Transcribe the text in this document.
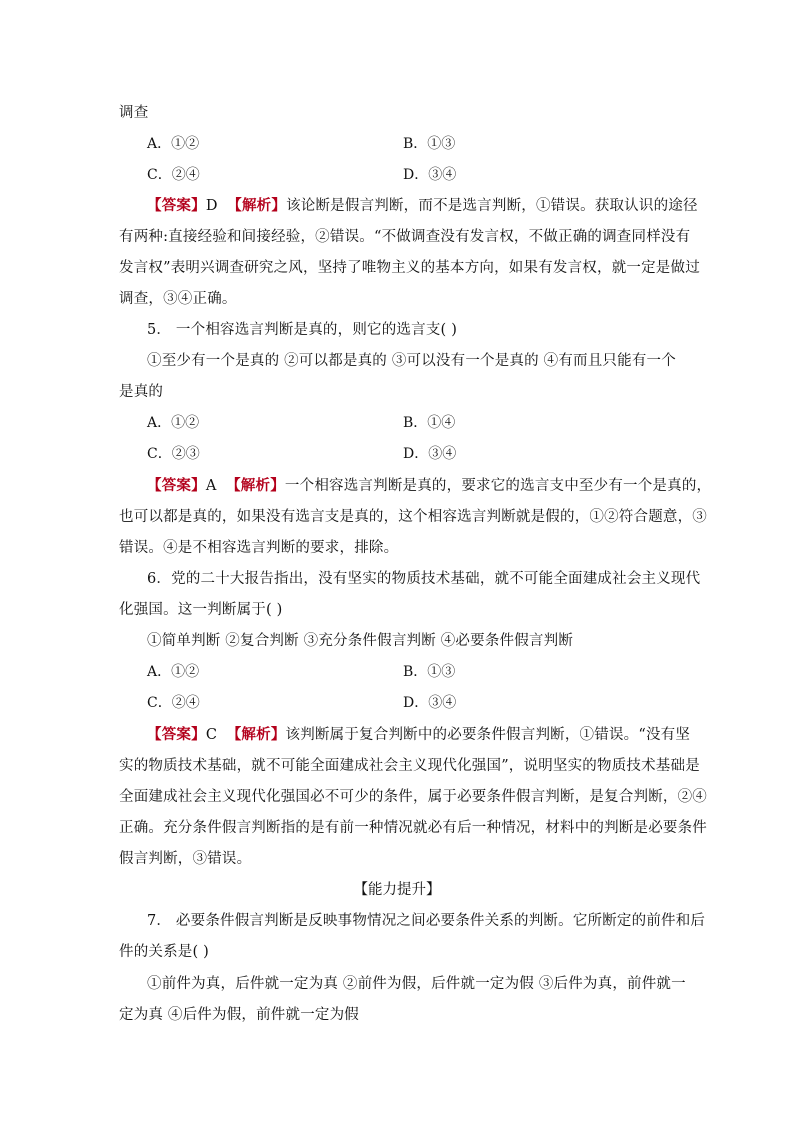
调查
A．①②	B．①③
C．②④	D．③④
【答案】D 【解析】该论断是假言判断，而不是选言判断，①错误。获取认识的途径
有两种:直接经验和间接经验，②错误。“不做调查没有发言权，不做正确的调查同样没有
发言权”表明兴调查研究之风，坚持了唯物主义的基本方向，如果有发言权，就一定是做过
调查，③④正确。
5． 一个相容选言判断是真的，则它的选言支( )
①至少有一个是真的 ②可以都是真的 ③可以没有一个是真的 ④有而且只能有一个
是真的
A．①②	B．①④
C．②③	D．③④
【答案】A 【解析】一个相容选言判断是真的，要求它的选言支中至少有一个是真的，
也可以都是真的，如果没有选言支是真的，这个相容选言判断就是假的，①②符合题意，③
错误。④是不相容选言判断的要求，排除。
6．党的二十大报告指出，没有坚实的物质技术基础，就不可能全面建成社会主义现代
化强国。这一判断属于( )
①简单判断 ②复合判断 ③充分条件假言判断 ④必要条件假言判断
A．①②	B．①③
C．②④	D．③④
【答案】C 【解析】该判断属于复合判断中的必要条件假言判断，①错误。“没有坚
实的物质技术基础，就不可能全面建成社会主义现代化强国”，说明坚实的物质技术基础是
全面建成社会主义现代化强国必不可少的条件，属于必要条件假言判断，是复合判断，②④
正确。充分条件假言判断指的是有前一种情况就必有后一种情况，材料中的判断是必要条件
假言判断，③错误。
【能力提升】
7． 必要条件假言判断是反映事物情况之间必要条件关系的判断。它所断定的前件和后
件的关系是( )
①前件为真，后件就一定为真 ②前件为假，后件就一定为假 ③后件为真，前件就一
定为真 ④后件为假，前件就一定为假
